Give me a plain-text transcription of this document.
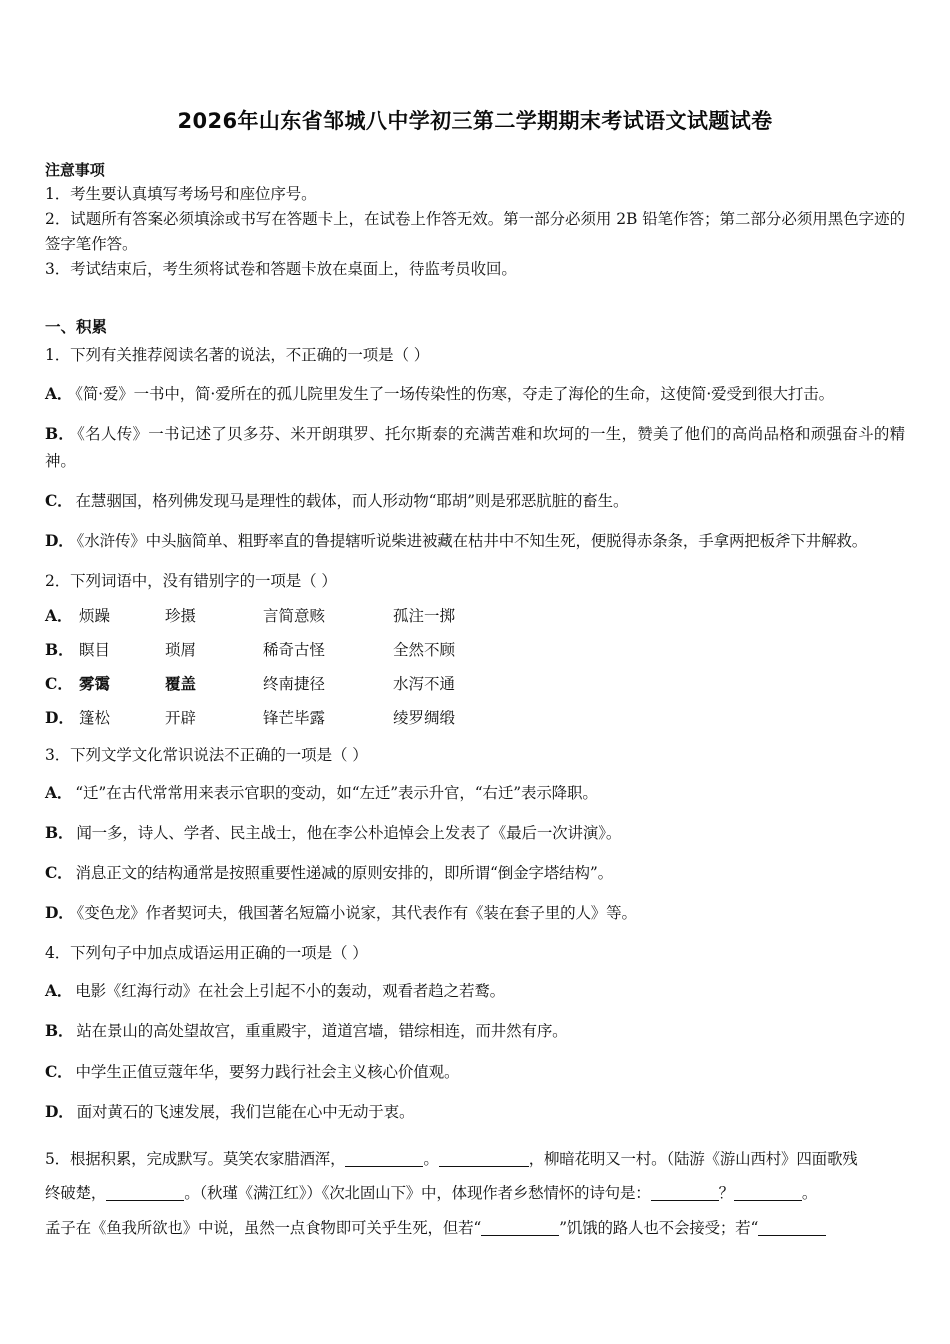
2026年山东省邹城八中学初三第二学期期末考试语文试题试卷
注意事项
1．考生要认真填写考场号和座位序号。
2．试题所有答案必须填涂或书写在答题卡上，在试卷上作答无效。第一部分必须用 2B 铅笔作答；第二部分必须用黑色字迹的签字笔作答。
3．考试结束后，考生须将试卷和答题卡放在桌面上，待监考员收回。
一、积累
1．下列有关推荐阅读名著的说法，不正确的一项是（ ）
A． 《简·爱》一书中，简·爱所在的孤儿院里发生了一场传染性的伤寒，夺走了海伦的生命，这使简·爱受到很大打击。
B． 《名人传》一书记述了贝多芬、米开朗琪罗、托尔斯泰的充满苦难和坎坷的一生，赞美了他们的高尚品格和顽强奋斗的精神。
C． 在慧骃国，格列佛发现马是理性的载体，而人形动物“耶胡”则是邪恶肮脏的畜生。
D． 《水浒传》中头脑简单、粗野率直的鲁提辖听说柴进被藏在枯井中不知生死，便脱得赤条条，手拿两把板斧下井解救。
2．下列词语中，没有错别字的一项是（ ）
A． 烦躁	珍摄	言简意赅	孤注一掷
B． 瞑目	琐屑	稀奇古怪	全然不顾
C． 雾霭	覆盖	终南捷径	水泻不通
D． 篷松	开辟	锋芒毕露	绫罗绸缎
3．下列文学文化常识说法不正确的一项是（ ）
A． “迁”在古代常常用来表示官职的变动，如“左迁”表示升官，“右迁”表示降职。
B． 闻一多，诗人、学者、民主战士，他在李公朴追悼会上发表了《最后一次讲演》。
C． 消息正文的结构通常是按照重要性递减的原则安排的，即所谓“倒金字塔结构”。
D． 《变色龙》作者契诃夫，俄国著名短篇小说家，其代表作有《装在套子里的人》等。
4．下列句子中加点成语运用正确的一项是（ ）
A． 电影《红海行动》在社会上引起不小的轰动，观看者趋之若鹜。
B． 站在景山的高处望故宫，重重殿宇，道道宫墙，错综相连，而井然有序。
C． 中学生正值豆蔻年华，要努力践行社会主义核心价值观。
D． 面对黄石的飞速发展，我们岂能在心中无动于衷。
5．根据积累，完成默写。莫笑农家腊酒浑，	。	，柳暗花明又一村。（陆游《游山西村》四面歌残
终破楚，	。（秋瑾《满江红》）《次北固山下》中，体现作者乡愁情怀的诗句是：	？	。
孟子在《鱼我所欲也》中说，虽然一点食物即可关乎生死，但若“	”饥饿的路人也不会接受；若“
